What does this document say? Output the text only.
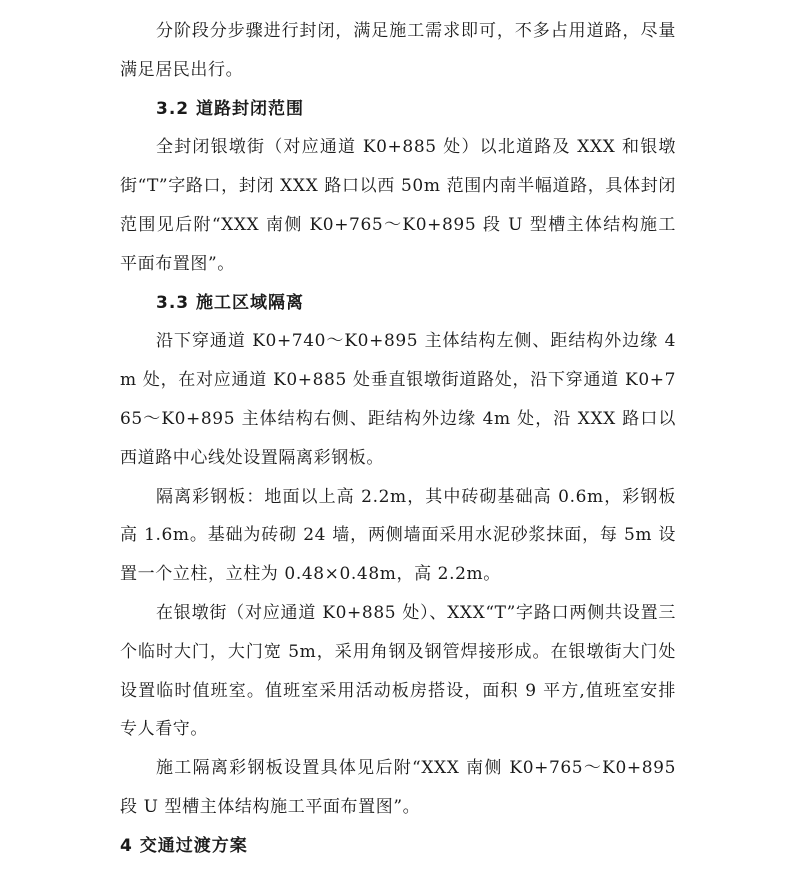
分阶段分步骤进行封闭，满足施工需求即可，不多占用道路，尽量满足居民出行。

3.2 道路封闭范围

全封闭银墩街（对应通道 K0+885 处）以北道路及 XXX 和银墩街“T”字路口，封闭 XXX 路口以西 50m 范围内南半幅道路，具体封闭范围见后附“XXX 南侧 K0+765～K0+895 段 U 型槽主体结构施工平面布置图”。

3.3 施工区域隔离

沿下穿通道 K0+740～K0+895 主体结构左侧、距结构外边缘 4m 处，在对应通道 K0+885 处垂直银墩街道路处，沿下穿通道 K0+765～K0+895 主体结构右侧、距结构外边缘 4m 处，沿 XXX 路口以西道路中心线处设置隔离彩钢板。

隔离彩钢板：地面以上高 2.2m，其中砖砌基础高 0.6m，彩钢板高 1.6m。基础为砖砌 24 墙，两侧墙面采用水泥砂浆抹面，每 5m 设置一个立柱，立柱为 0.48×0.48m，高 2.2m。

在银墩街（对应通道 K0+885 处）、XXX“T”字路口两侧共设置三个临时大门，大门宽 5m，采用角钢及钢管焊接形成。在银墩街大门处设置临时值班室。值班室采用活动板房搭设，面积 9 平方,值班室安排专人看守。

施工隔离彩钢板设置具体见后附“XXX 南侧 K0+765～K0+895 段 U 型槽主体结构施工平面布置图”。

4 交通过渡方案
